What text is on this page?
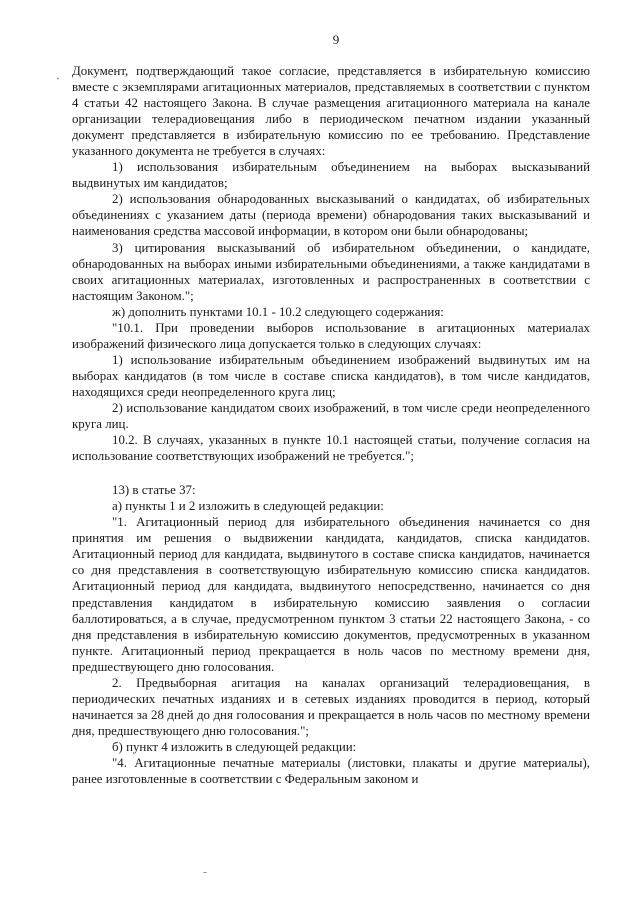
9

Документ, подтверждающий такое согласие, представляется в избирательную комиссию вместе с экземплярами агитационных материалов, представляемых в соответствии с пунктом 4 статьи 42 настоящего Закона. В случае размещения агитационного материала на канале организации телерадиовещания либо в периодическом печатном издании указанный документ представляется в избирательную комиссию по ее требованию. Представление указанного документа не требуется в случаях:

1) использования избирательным объединением на выборах высказываний выдвинутых им кандидатов;

2) использования обнародованных высказываний о кандидатах, об избирательных объединениях с указанием даты (периода времени) обнародования таких высказываний и наименования средства массовой информации, в котором они были обнародованы;

3) цитирования высказываний об избирательном объединении, о кандидате, обнародованных на выборах иными избирательными объединениями, а также кандидатами в своих агитационных материалах, изготовленных и распространенных в соответствии с настоящим Законом.";

ж) дополнить пунктами 10.1 - 10.2 следующего содержания:

"10.1. При проведении выборов использование в агитационных материалах изображений физического лица допускается только в следующих случаях:

1) использование избирательным объединением изображений выдвинутых им на выборах кандидатов (в том числе в составе списка кандидатов), в том числе кандидатов, находящихся среди неопределенного круга лиц;

2) использование кандидатом своих изображений, в том числе среди неопределенного круга лиц.

10.2. В случаях, указанных в пункте 10.1 настоящей статьи, получение согласия на использование соответствующих изображений не требуется.";

13) в статье 37:

а) пункты 1 и 2 изложить в следующей редакции:

"1. Агитационный период для избирательного объединения начинается со дня принятия им решения о выдвижении кандидата, кандидатов, списка кандидатов. Агитационный период для кандидата, выдвинутого в составе списка кандидатов, начинается со дня представления в соответствующую избирательную комиссию списка кандидатов. Агитационный период для кандидата, выдвинутого непосредственно, начинается со дня представления кандидатом в избирательную комиссию заявления о согласии баллотироваться, а в случае, предусмотренном пунктом 3 статьи 22 настоящего Закона, - со дня представления в избирательную комиссию документов, предусмотренных в указанном пункте. Агитационный период прекращается в ноль часов по местному времени дня, предшествующего дню голосования.

2. Предвыборная агитация на каналах организаций телерадиовещания, в периодических печатных изданиях и в сетевых изданиях проводится в период, который начинается за 28 дней до дня голосования и прекращается в ноль часов по местному времени дня, предшествующего дню голосования.";

б) пункт 4 изложить в следующей редакции:

"4. Агитационные печатные материалы (листовки, плакаты и другие материалы), ранее изготовленные в соответствии с Федеральным законом и

ˎ
ˉ
